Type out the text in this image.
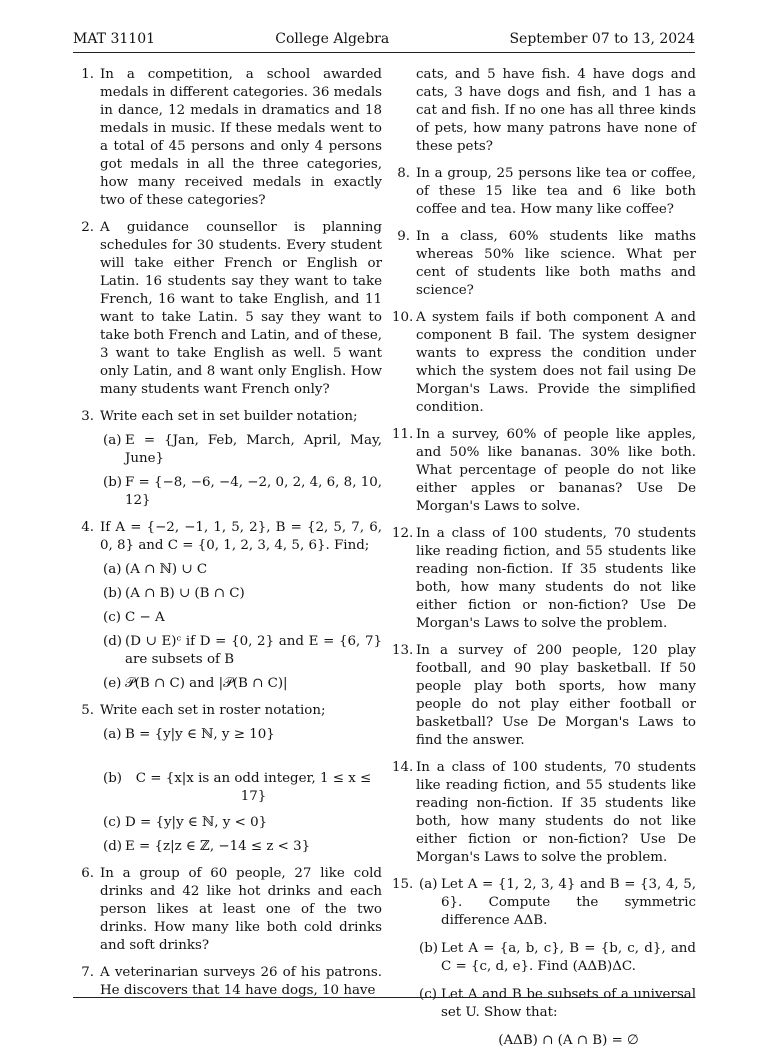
MAT 31101	College Algebra	September 07 to 13, 2024
1. In a competition, a school awarded medals in different categories. 36 medals in dance, 12 medals in dramatics and 18 medals in music. If these medals went to a total of 45 persons and only 4 persons got medals in all the three categories, how many received medals in exactly two of these categories?
2. A guidance counsellor is planning schedules for 30 students. Every student will take either French or English or Latin. 16 students say they want to take French, 16 want to take English, and 11 want to take Latin. 5 say they want to take both French and Latin, and of these, 3 want to take English as well. 5 want only Latin, and 8 want only English. How many students want French only?
3. Write each set in set builder notation;
(a) E = {Jan, Feb, March, April, May, June}
(b) F = {−8, −6, −4, −2, 0, 2, 4, 6, 8, 10, 12}
4. If A = {−2, −1, 1, 5, 2}, B = {2, 5, 7, 6, 0, 8} and C = {0, 1, 2, 3, 4, 5, 6}. Find;
(a) (A ∩ ℕ) ∪ C
(b) (A ∩ B) ∪ (B ∩ C)
(c) C − A
(d) (D ∪ E)ᶜ if D = {0, 2} and E = {6, 7} are subsets of B
(e) 𝒫(B ∩ C) and |𝒫(B ∩ C)|
5. Write each set in roster notation;
(a) B = {y|y ∈ ℕ, y ≥ 10}
(b)	C = {x|x is an odd integer, 1 ≤ x ≤ 17}
(c) D = {y|y ∈ ℕ, y < 0}
(d) E = {z|z ∈ ℤ, −14 ≤ z < 3}
6. In a group of 60 people, 27 like cold drinks and 42 like hot drinks and each person likes at least one of the two drinks. How many like both cold drinks and soft drinks?
7. A veterinarian surveys 26 of his patrons. He discovers that 14 have dogs, 10 have
cats, and 5 have fish. 4 have dogs and cats, 3 have dogs and fish, and 1 has a cat and fish. If no one has all three kinds of pets, how many patrons have none of these pets?
8. In a group, 25 persons like tea or coffee, of these 15 like tea and 6 like both coffee and tea. How many like coffee?
9. In a class, 60% students like maths whereas 50% like science. What per cent of students like both maths and science?
10. A system fails if both component A and component B fail. The system designer wants to express the condition under which the system does not fail using De Morgan's Laws. Provide the simplified condition.
11. In a survey, 60% of people like apples, and 50% like bananas. 30% like both. What percentage of people do not like either apples or bananas? Use De Morgan's Laws to solve.
12. In a class of 100 students, 70 students like reading fiction, and 55 students like reading non-fiction. If 35 students like both, how many students do not like either fiction or non-fiction? Use De Morgan's Laws to solve the problem.
13. In a survey of 200 people, 120 play football, and 90 play basketball. If 50 people play both sports, how many people do not play either football or basketball? Use De Morgan's Laws to find the answer.
14. In a class of 100 students, 70 students like reading fiction, and 55 students like reading non-fiction. If 35 students like both, how many students do not like either fiction or non-fiction? Use De Morgan's Laws to solve the problem.
15. (a) Let A = {1, 2, 3, 4} and B = {3, 4, 5, 6}. Compute the symmetric difference AΔB.
(b) Let A = {a, b, c}, B = {b, c, d}, and C = {c, d, e}. Find (AΔB)ΔC.
(c) Let A and B be subsets of a universal set U. Show that:
(AΔB) ∩ (A ∩ B) = ∅
